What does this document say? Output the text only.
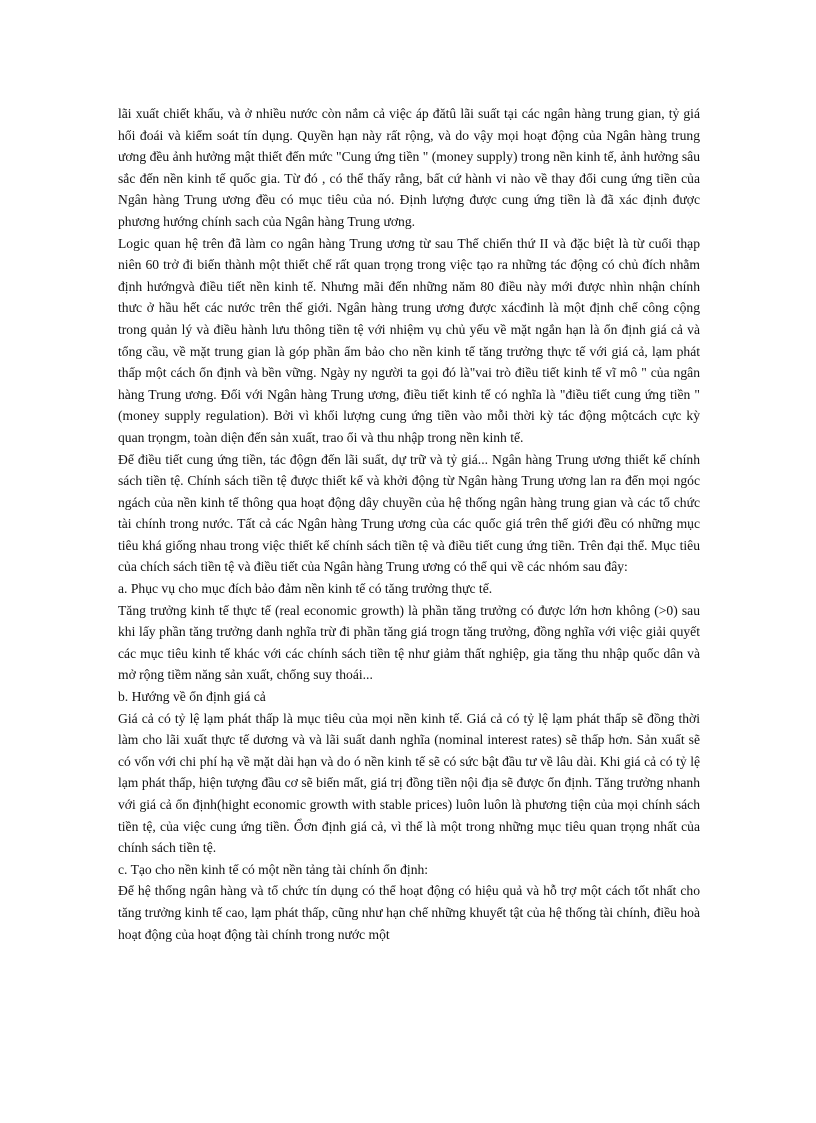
lãi xuất chiết khấu, và ở nhiều nước còn nắm cả việc áp đătû lãi suất tại các ngân hàng trung gian, tỷ giá hối đoái và kiểm soát tín dụng. Quyền hạn này rất rộng, và do vậy mọi hoạt động của Ngân hàng trung ương đều ảnh hưởng mật thiết đến mức "Cung ứng tiền " (money supply) trong nền kinh tế, ảnh hưởng sâu sắc đến nền kinh tế quốc gia. Từ đó , có thể thấy rằng, bất cứ hành vi nào về thay đổi cung ứng tiền của Ngân hàng Trung ương đều có mục tiêu của nó. Định lượng được cung ứng tiền là đã xác định được phương hướng chính sach của Ngân hàng Trung ương.

Logic quan hệ trên đã làm co ngân hàng Trung ương từ sau Thế chiến thứ II và đặc biệt là từ cuối thạp niên 60 trở đi biến thành một thiết chế rất quan trọng trong việc tạo ra những tác động có chủ đích nhằm định hướngvà điều tiết nền kinh tế. Nhưng mãi đến những năm 80 điều này mới được nhìn nhận chính thưc ở hầu hết các nước trên thế giới. Ngân hàng trung ương được xácđinh là một định chế công cộng trong quản lý và điều hành lưu thông tiền tệ với nhiệm vụ chủ yếu về mặt ngắn hạn là ổn định giá cả và tổng cầu, về mặt trung gian là góp phần ẩm bảo cho nền kinh tế tăng trưởng thực tế với giá cả, lạm phát thấp một cách ổn định và bền vững. Ngày ny người ta gọi đó là"vai trò điều tiết kinh tế vĩ mô " của ngân hàng Trung ương. Đối với Ngân hàng Trung ương, điều tiết kinh tế có nghĩa là "điều tiết cung ứng tiền " (money supply regulation). Bởi vì khối lượng cung ứng tiền vào mỗi thời kỳ tác động mộtcách cực kỳ quan trọngm, toàn diện đến sản xuất, trao ổi và thu nhập trong nền kinh tế.

Để điều tiết cung ứng tiền, tác độgn đến lãi suất, dự trữ và tỷ giá... Ngân hàng Trung ương thiết kế chính sách tiền tệ. Chính sách tiền tệ được thiết kế và khởi động từ Ngân hàng Trung ương lan ra đến mọi ngóc ngách của nền kinh tế thông qua hoạt động dây chuyền của hệ thống ngân hàng trung gian và các tổ chức tài chính trong nước. Tất cả các Ngân hàng Trung ương của các quốc giá trên thế giới đều có những mục tiêu khá giống nhau trong việc thiết kế chính sách tiền tệ và điều tiết cung ứng tiền. Trên đại thể. Mục tiêu của chích sách tiền tệ và điều tiết của Ngân hàng Trung ương có thể qui về các nhóm sau đây:

a. Phục vụ cho mục đích bảo đảm nền kinh tế có tăng trưởng thực tế.

Tăng trưởng kinh tế thực tế (real economic growth) là phần tăng trưởng có được lớn hơn không (>0) sau khi lấy phần tăng trưởng danh nghĩa trừ đi phần tăng giá trogn tăng trưởng, đồng nghĩa với việc giải quyết các mục tiêu kinh tế khác với các chính sách tiền tệ như giảm thất nghiệp, gia tăng thu nhập quốc dân và mở rộng tiềm năng sản xuất, chống suy thoái...

b. Hướng về ổn định giá cả

Giá cả có tỷ lệ lạm phát thấp là mục tiêu của mọi nền kinh tế. Giá cả có tỷ lệ lạm phát thấp sẽ đồng thời làm cho lãi xuất thực tế dương và và lãi suất danh nghĩa (nominal interest rates) sẽ thấp hơn. Sản xuất sẽ có vốn với chi phí hạ về mặt dài hạn và do ó nền kinh tế sẽ có sức bật đầu tư về lâu dài. Khi giá cả có tỷ lệ lạm phát thấp, hiện tượng đầu cơ sẽ biến mất, giá trị đồng tiền nội địa sẽ được ổn định. Tăng trưởng nhanh với giá cả ổn định(hight economic growth with stable prices) luôn luôn là phương tiện của mọi chính sách tiền tệ, của việc cung ứng tiền. Ổơn định giá cả, vì thế là một trong những mục tiêu quan trọng nhất của chính sách tiền tệ.

c. Tạo cho nền kinh tế có một nền tảng tài chính ổn định:

Để hệ thống ngân hàng và tổ chức tín dụng có thể hoạt động có hiệu quả và hỗ trợ một cách tốt nhất cho tăng trưởng kinh tế cao, lạm phát thấp, cũng như hạn chế những khuyết tật của hệ thống tài chính, điều hoà hoạt động của hoạt động tài chính trong nước một
